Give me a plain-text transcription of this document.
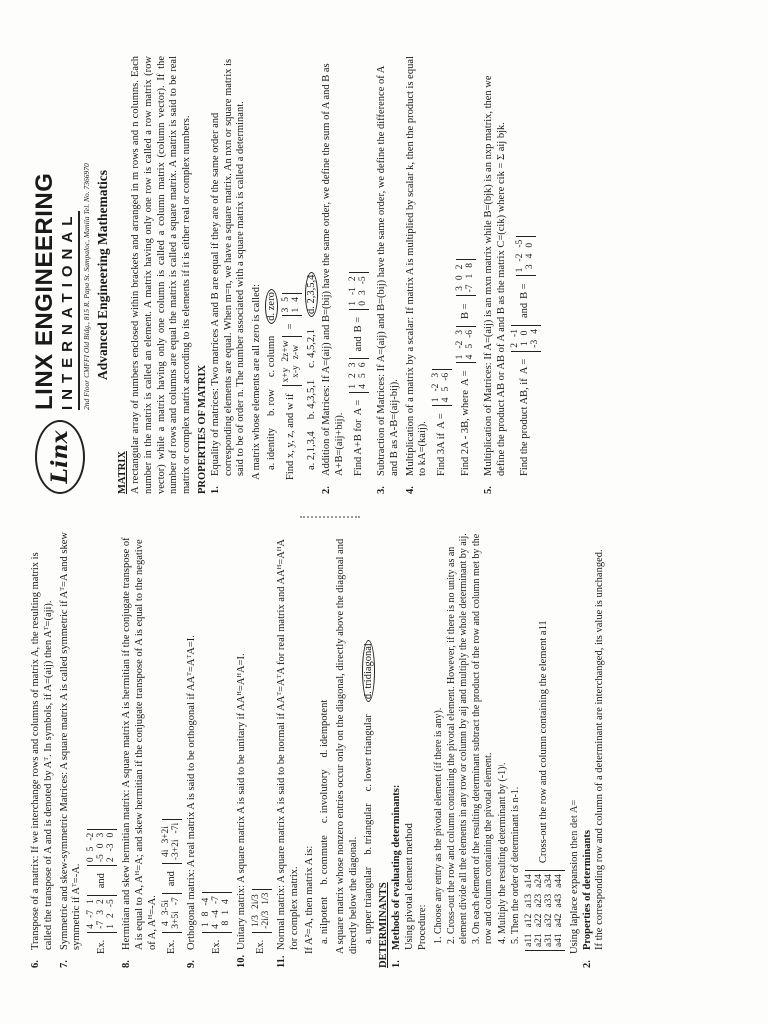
6.
Transpose of a matrix: If we interchange rows and columns of matrix A, the resulting matrix is called the transpose of A and is denoted by Aᵀ. In symbols, if A=(aij) then Aᵀ=(aji).
7.
Symmetric and skew-symmetric Matrices: A square matrix A is called symmetric if Aᵀ=A and skew symmetric if Aᵀ=-A. Ex.
4
-7
1
-7
3
2
1
2
-5
and
0
5
-2
-5
0
3
2
-3
0
8.
Hermitian and skew hermitian matrix: A square matrix A is hermitian if the conjugate transpose of A is equal to A, Aᴴ=A; and skew hermitian if the conjugate transpose of A is equal to the negative of A, Aᴴ=-A. Ex.
4
3-5i
3+5i
-7
and
4i
3+2i
-3+2i
-7i
9.
Orthogonal matrix: A real matrix A is said to be orthogonal if AAᵀ=AᵀA=I. Ex.
1
8
-4
4
-4
-7
8
1
4
10.
Unitary matrix: A square matrix A is said to be unitary if AAᴴ=AᴴA=I. Ex.
1/3
2i/3
-2i/3
1/3
11.
Normal matrix: A square matrix A is said to be normal if AAᵀ=AᵀA for real matrix and AAᴴ=AᴴA for complex matrix. If A²=A, then matrix A is: a. nilpotent
b. commute
c. involutory
d. idempotent A square matrix whose nonzero entries occur only on the diagonal, directly above the diagonal and directly below the diagonal. a. upper triangular
b. triangular
c. lower triangular
d. tridiagonal
DETERMINANTS 1.
Methods of evaluating determinants: Using pivotal element method Procedure: 1. Choose any entry as the pivotal element (if there is any). 2. Cross-out the row and column containing the pivotal element. However, if there is no unity as an element divide all the elements in any row or column by aij and multiply the whole determinant by aij. 3. On each element of the resulting determinant subtract the product of the row and column met by the row and column containing the pivotal element. 4. Multiply the resulting determinant by (-1)ʲ. 5. Then the order of determinant is n-1. a11
a12
a13
a14
a21
a22
a23
a24
a31
a32
a33
a34
a41
a42
a43
a44
Cross-out the row and column containing the element a11
Using laplace expansion then det A=
2.
Properties of determinants If the corresponding row and column of a determinant are interchanged, its value is unchanged.
Linx
LINX ENGINEERING INTERNATIONAL 2nd Floor CMFFI Old Bldg., 815 R. Papa St. Sampaloc, Manila Tel. No. 7366970 Advanced Engineering Mathematics
MATRIX A rectangular array of numbers enclosed within brackets and arranged in m rows and n columns. Each number in the matrix is called an element. A matrix having only one row is called a row matrix (row vector) while a matrix having only one column is called a column matrix (column vector). If the number of rows and columns are equal the matrix is called a square matrix. A matrix is said to be real matrix or complex matrix according to its elements if it is either real or complex numbers. PROPERTIES OF MATRIX 1.
Equality of matrices: Two matrices A and B are equal if they are of the same order and corresponding elements are equal. When m=n, we have a square matrix. An nxn or square matrix is said to be of order n. The number associated with a square matrix is called a determinant. A matrix whose elements are all zero is called: a. identity
b. row
c. column
d. zero
Find x, y, z, and w if
x+y
2z+w
x-y
z-w
=
3
5
1
4
a. 2,1,3,4
b. 4,3,5,1
c. 4,5,2,1
d. 2,3,5,4
2.
Addition of Matrices: If A=(aij) and B=(bij) have the same order, we define the sum of A and B as A+B=(aij+bij). Find A+B for
A =
1
2
3
4
5
6
and
B =
1
-1
2
0
3
-5
3.
Subtraction of Matrices: If A=(aij) and B=(bij) have the same order, we define the difference of A and B as A-B=(aij-bij).
4.
Multiplication of a matrix by a scalar: If matrix A is multiplied by scalar k, then the product is equal to kA=(kaij). Find 3A if
A =
1
-2
3
4
5
-6
Find 2A - 3B, where
A =
1
-2
3
4
5
-6
B =
3
0
2
-7
1
8
5.
Multiplication of Matrices: If A=(aij) is an mxn matrix while B=(bjk) is an nxp matrix, then we define the product AB or AB of A and B as the matrix C=(cik) where cik = Σ aij bjk. Find the product AB, if
A =
2
-1
1
0
-3
4
and
B =
1
-2
-5
3
4
0
